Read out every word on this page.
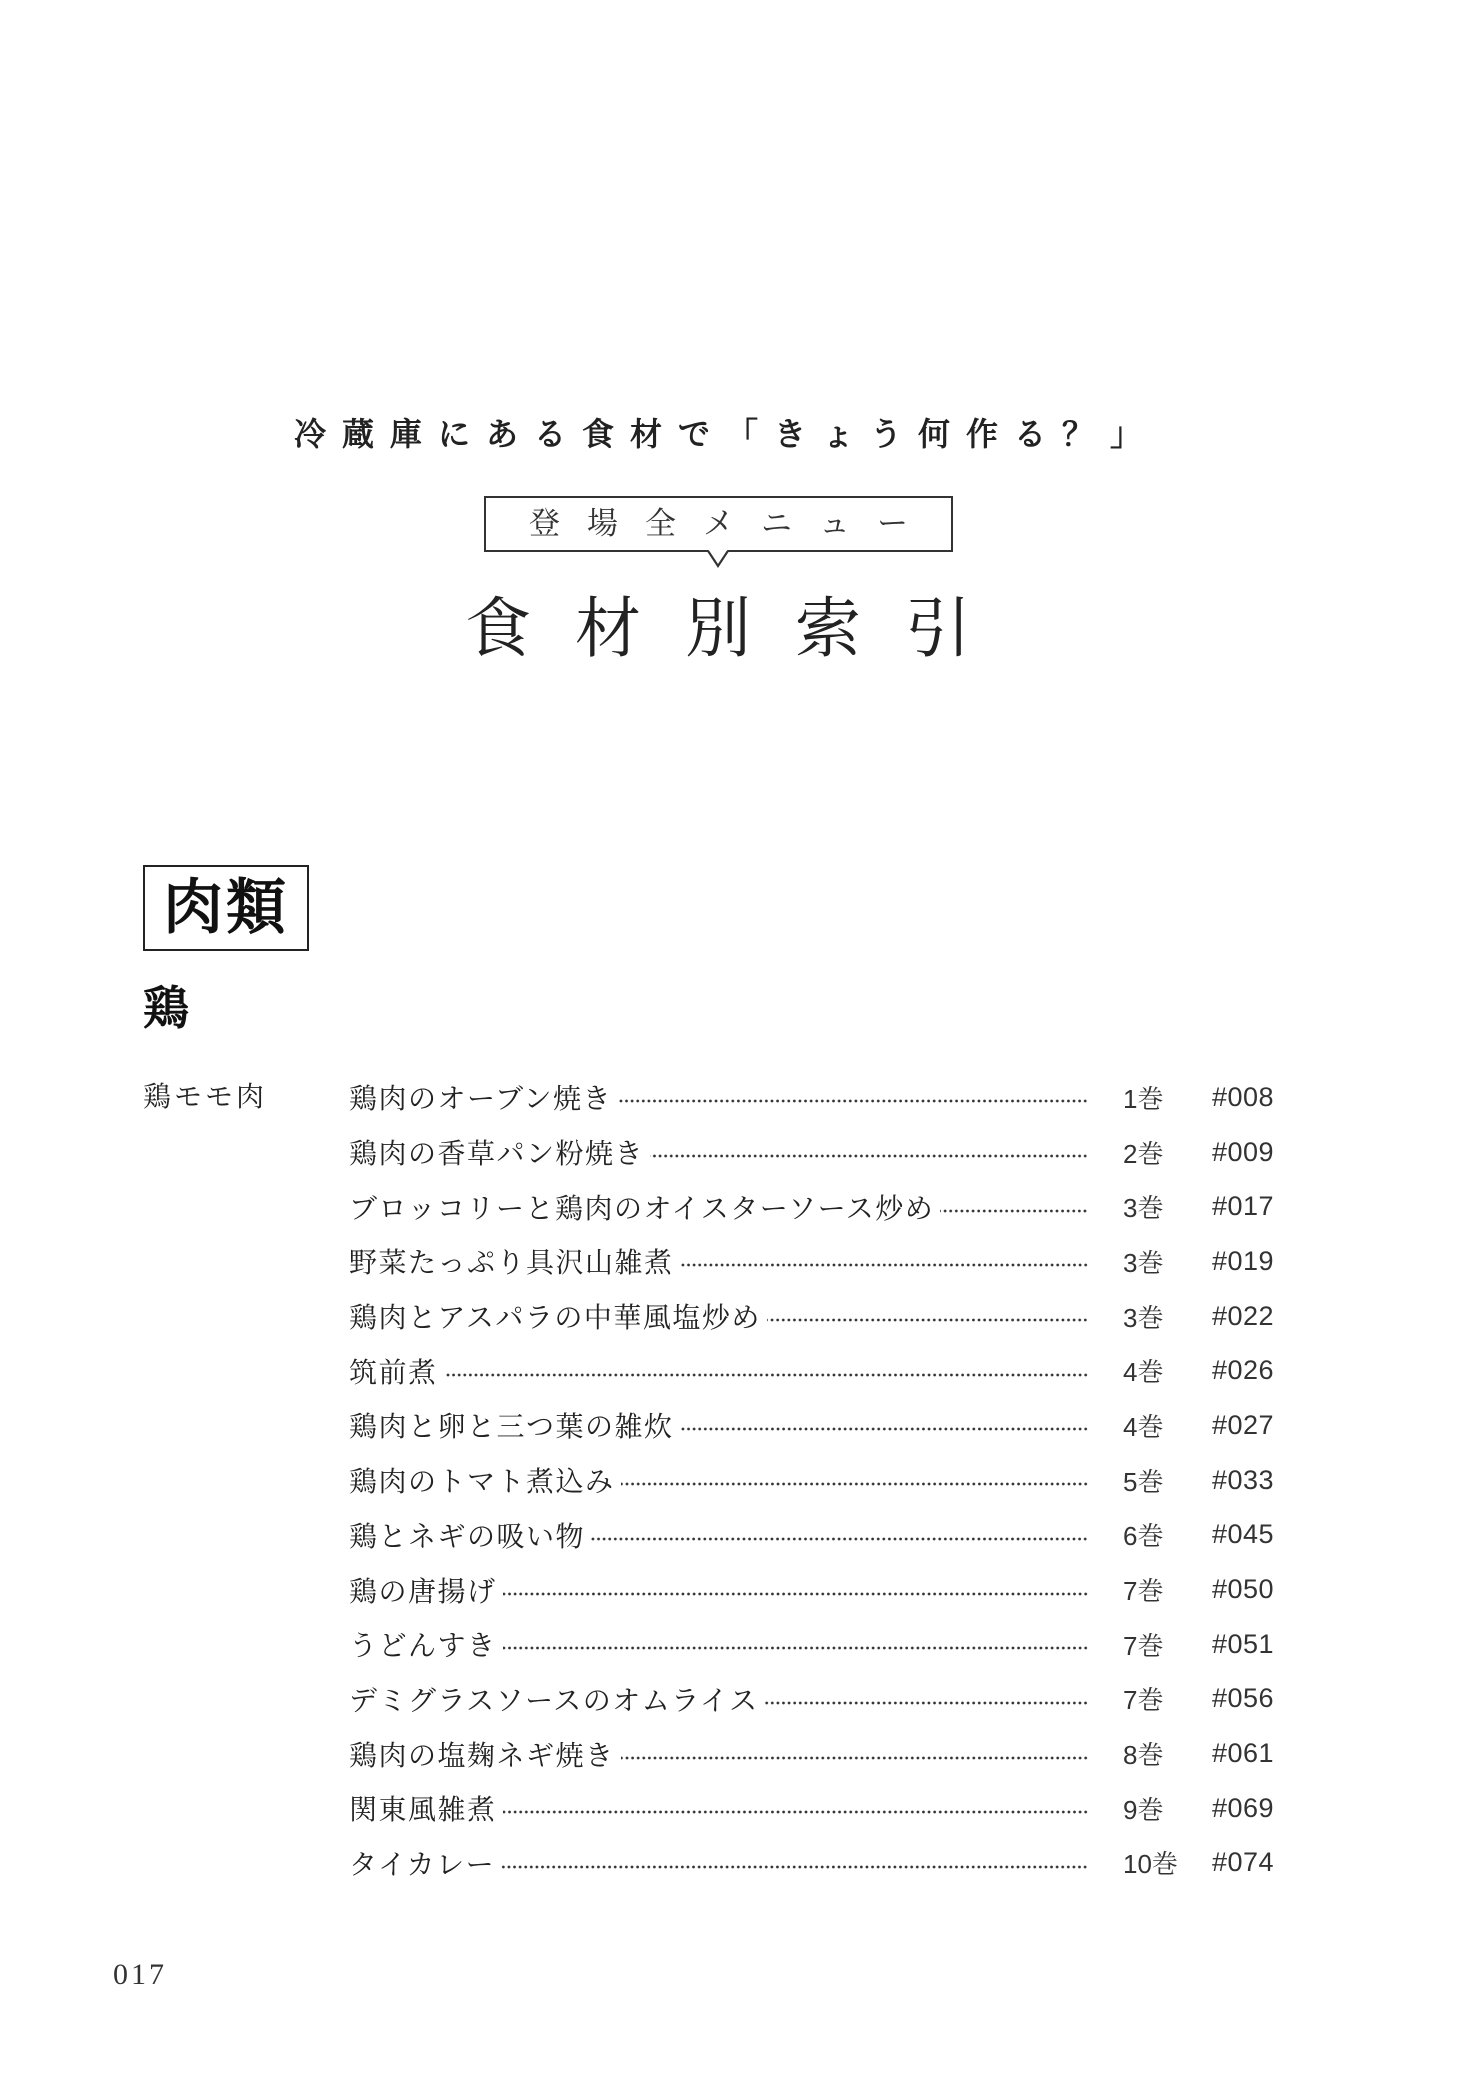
冷蔵庫にある食材で「きょう何作る？」
登場全メニュー
食材別索引
肉類
鶏
鶏モモ肉	鶏肉のオーブン焼き	1巻	#008
鶏肉の香草パン粉焼き	2巻	#009
ブロッコリーと鶏肉のオイスターソース炒め	3巻	#017
野菜たっぷり具沢山雑煮	3巻	#019
鶏肉とアスパラの中華風塩炒め	3巻	#022
筑前煮	4巻	#026
鶏肉と卵と三つ葉の雑炊	4巻	#027
鶏肉のトマト煮込み	5巻	#033
鶏とネギの吸い物	6巻	#045
鶏の唐揚げ	7巻	#050
うどんすき	7巻	#051
デミグラスソースのオムライス	7巻	#056
鶏肉の塩麹ネギ焼き	8巻	#061
関東風雑煮	9巻	#069
タイカレー	10巻	#074
017
